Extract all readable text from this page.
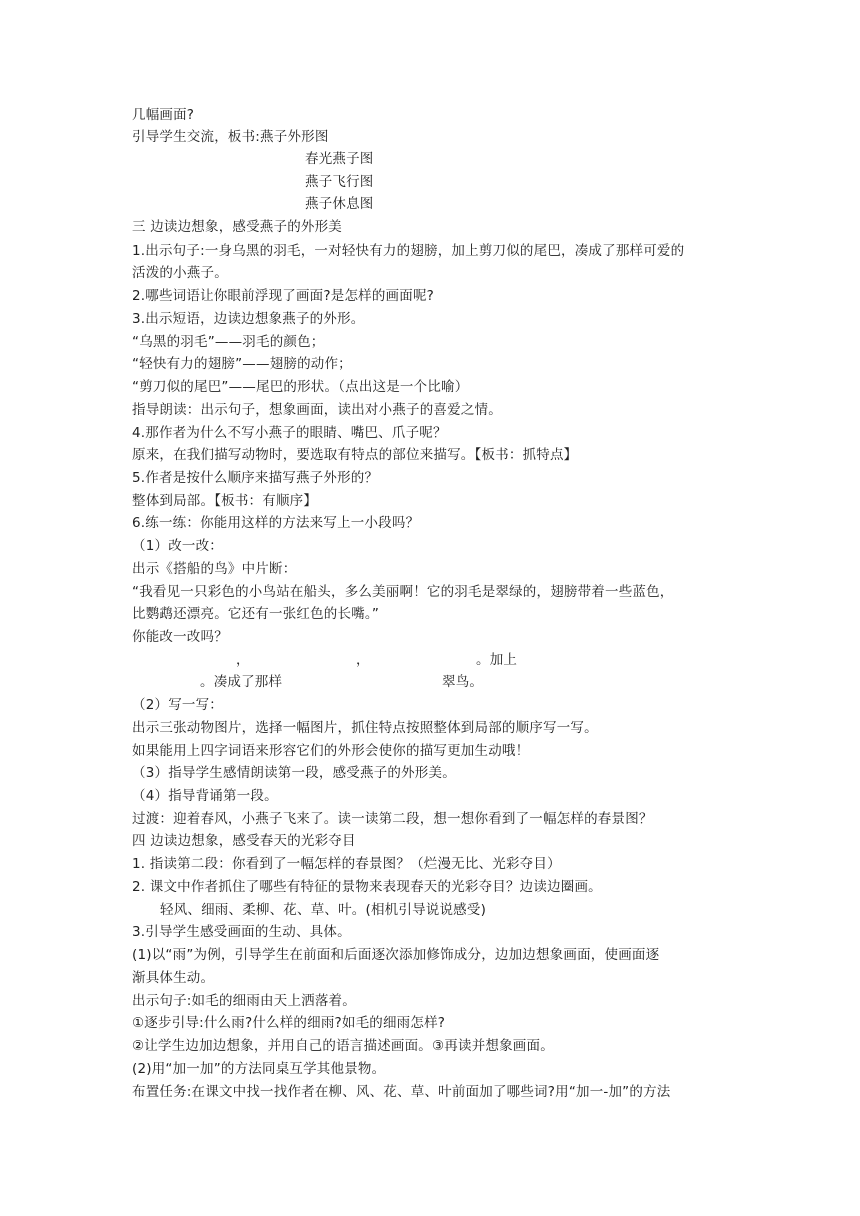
几幅画面?
引导学生交流，板书:燕子外形图
春光燕子图
燕子飞行图
燕子休息图
三 边读边想象，感受燕子的外形美
1.出示句子:一身乌黑的羽毛，一对轻快有力的翅膀，加上剪刀似的尾巴，凑成了那样可爱的
活泼的小燕子。
2.哪些词语让你眼前浮现了画面?是怎样的画面呢?
3.出示短语，边读边想象燕子的外形。
“乌黑的羽毛”——羽毛的颜色；
“轻快有力的翅膀”——翅膀的动作；
“剪刀似的尾巴”——尾巴的形状。（点出这是一个比喻）
指导朗读：出示句子，想象画面，读出对小燕子的喜爱之情。
4.那作者为什么不写小燕子的眼睛、嘴巴、爪子呢？
原来，在我们描写动物时，要选取有特点的部位来描写。【板书：抓特点】
5.作者是按什么顺序来描写燕子外形的？
整体到局部。【板书：有顺序】
6.练一练：你能用这样的方法来写上一小段吗？
（1）改一改：
出示《搭船的鸟》中片断：
“我看见一只彩色的小鸟站在船头，多么美丽啊！它的羽毛是翠绿的，翅膀带着一些蓝色，
比鹦鹉还漂亮。它还有一张红色的长嘴。”
你能改一改吗？
，	，	。加上
。凑成了那样	翠鸟。
（2）写一写：
出示三张动物图片，选择一幅图片，抓住特点按照整体到局部的顺序写一写。
如果能用上四字词语来形容它们的外形会使你的描写更加生动哦！
（3）指导学生感情朗读第一段，感受燕子的外形美。
（4）指导背诵第一段。
过渡：迎着春风，小燕子飞来了。读一读第二段，想一想你看到了一幅怎样的春景图？
四 边读边想象，感受春天的光彩夺目
1. 指读第二段：你看到了一幅怎样的春景图？（烂漫无比、光彩夺目）
2. 课文中作者抓住了哪些有特征的景物来表现春天的光彩夺目？边读边圈画。
轻风、细雨、柔柳、花、草、叶。(相机引导说说感受)
3.引导学生感受画面的生动、具体。
(1)以“雨”为例，引导学生在前面和后面逐次添加修饰成分，边加边想象画面，使画面逐
渐具体生动。
出示句子:如毛的细雨由天上洒落着。
①逐步引导:什么雨?什么样的细雨?如毛的细雨怎样?
②让学生边加边想象，并用自己的语言描述画面。③再读并想象画面。
(2)用“加一加”的方法同桌互学其他景物。
布置任务:在课文中找一找作者在柳、风、花、草、叶前面加了哪些词?用“加一-加”的方法
